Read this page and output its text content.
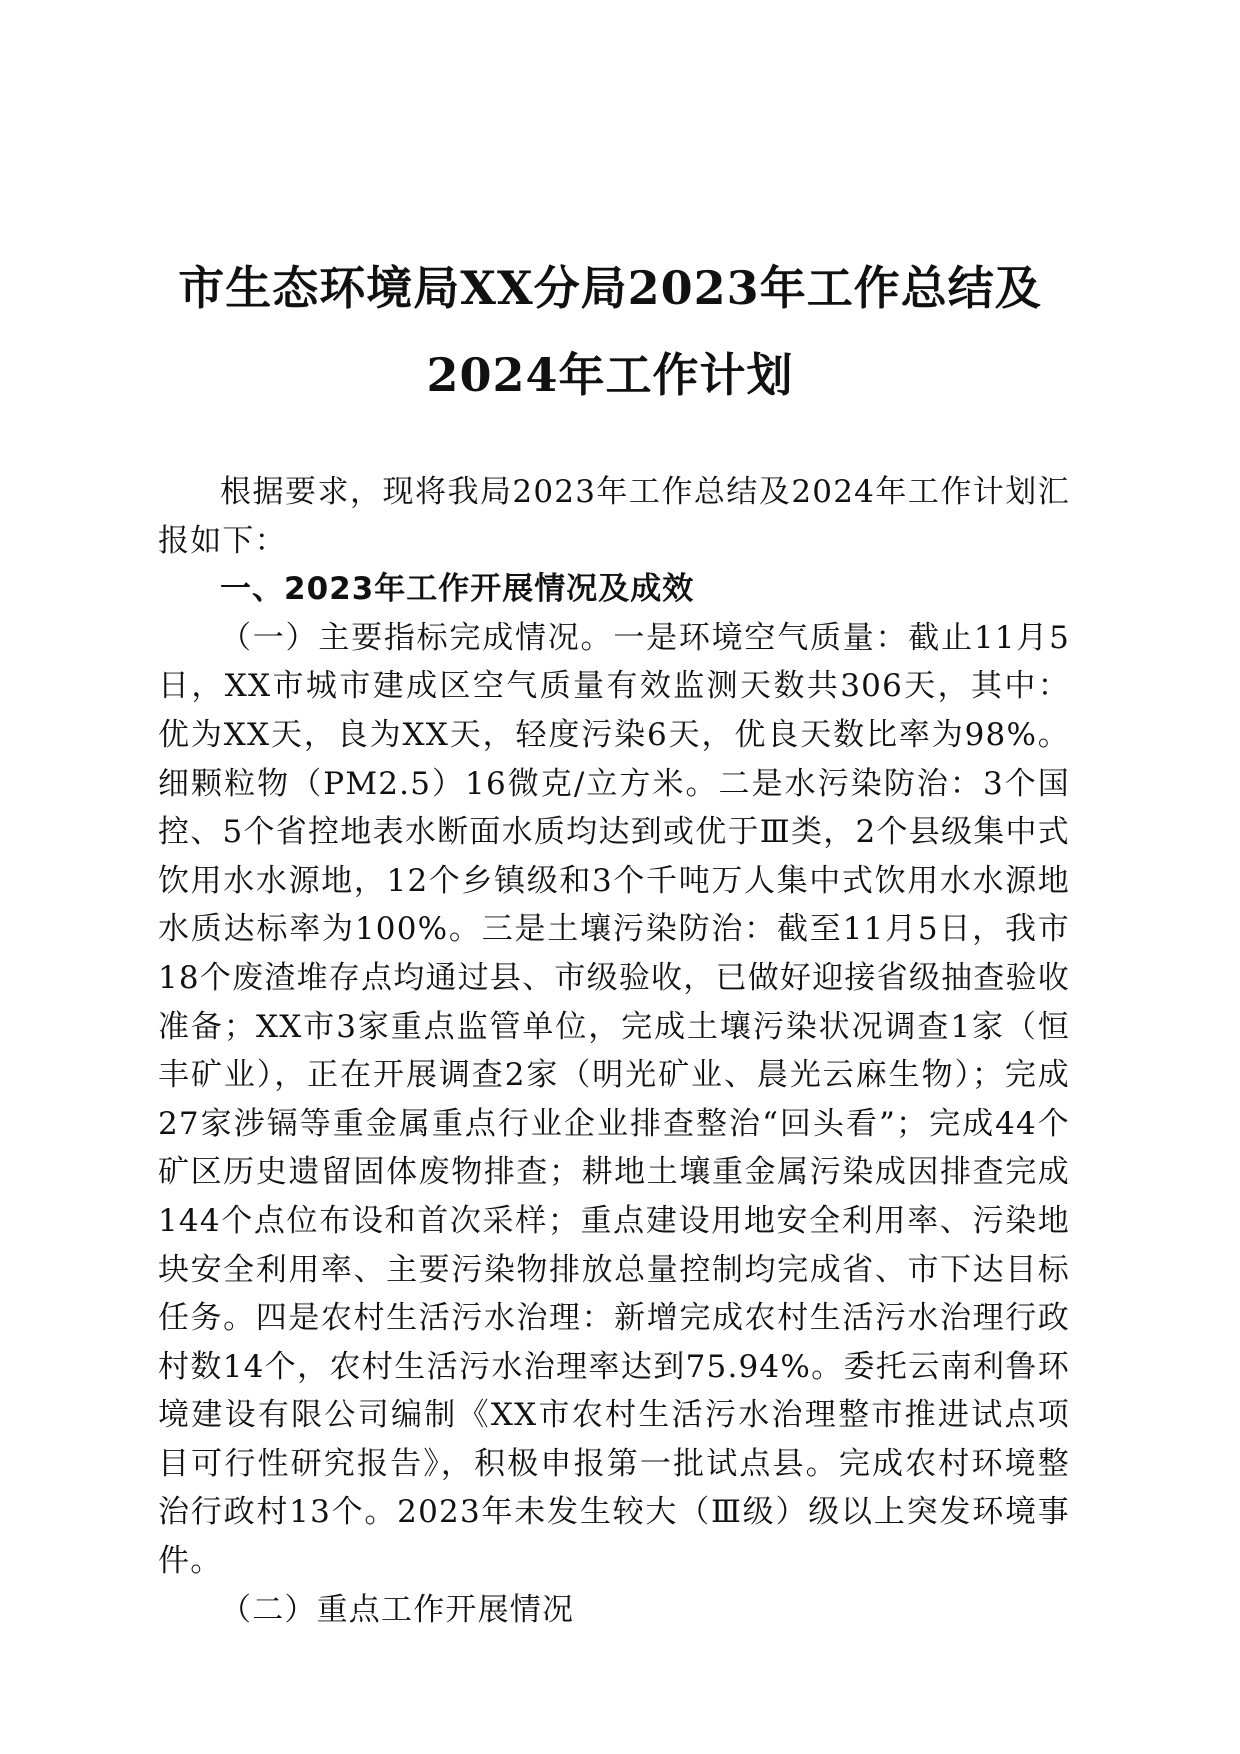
市生态环境局XX分局2023年工作总结及
2024年工作计划

根据要求，现将我局2023年工作总结及2024年工作计划汇报如下：

一、2023年工作开展情况及成效

（一）主要指标完成情况。一是环境空气质量：截止11月5日，XX市城市建成区空气质量有效监测天数共306天，其中：优为XX天，良为XX天，轻度污染6天，优良天数比率为98%。细颗粒物（PM2.5）16微克/立方米。二是水污染防治：3个国控、5个省控地表水断面水质均达到或优于Ⅲ类，2个县级集中式饮用水水源地，12个乡镇级和3个千吨万人集中式饮用水水源地水质达标率为100%。三是土壤污染防治：截至11月5日，我市18个废渣堆存点均通过县、市级验收，已做好迎接省级抽查验收准备；XX市3家重点监管单位，完成土壤污染状况调查1家（恒丰矿业），正在开展调查2家（明光矿业、晨光云麻生物）；完成27家涉镉等重金属重点行业企业排查整治“回头看”；完成44个矿区历史遗留固体废物排查；耕地土壤重金属污染成因排查完成144个点位布设和首次采样；重点建设用地安全利用率、污染地块安全利用率、主要污染物排放总量控制均完成省、市下达目标任务。四是农村生活污水治理：新增完成农村生活污水治理行政村数14个，农村生活污水治理率达到75.94%。委托云南利鲁环境建设有限公司编制《XX市农村生活污水治理整市推进试点项目可行性研究报告》，积极申报第一批试点县。完成农村环境整治行政村13个。2023年未发生较大（Ⅲ级）级以上突发环境事件。

（二）重点工作开展情况
